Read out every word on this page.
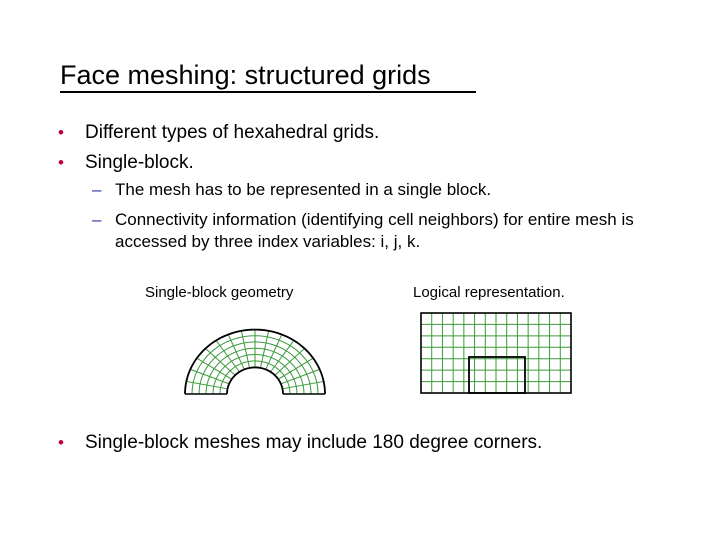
Face meshing: structured grids
• Different types of hexahedral grids.
• Single-block.
– The mesh has to be represented in a single block.
– Connectivity information (identifying cell neighbors) for entire mesh is
accessed by three index variables: i, j, k.
Single-block geometry	Logical representation.
• Single-block meshes may include 180 degree corners.
